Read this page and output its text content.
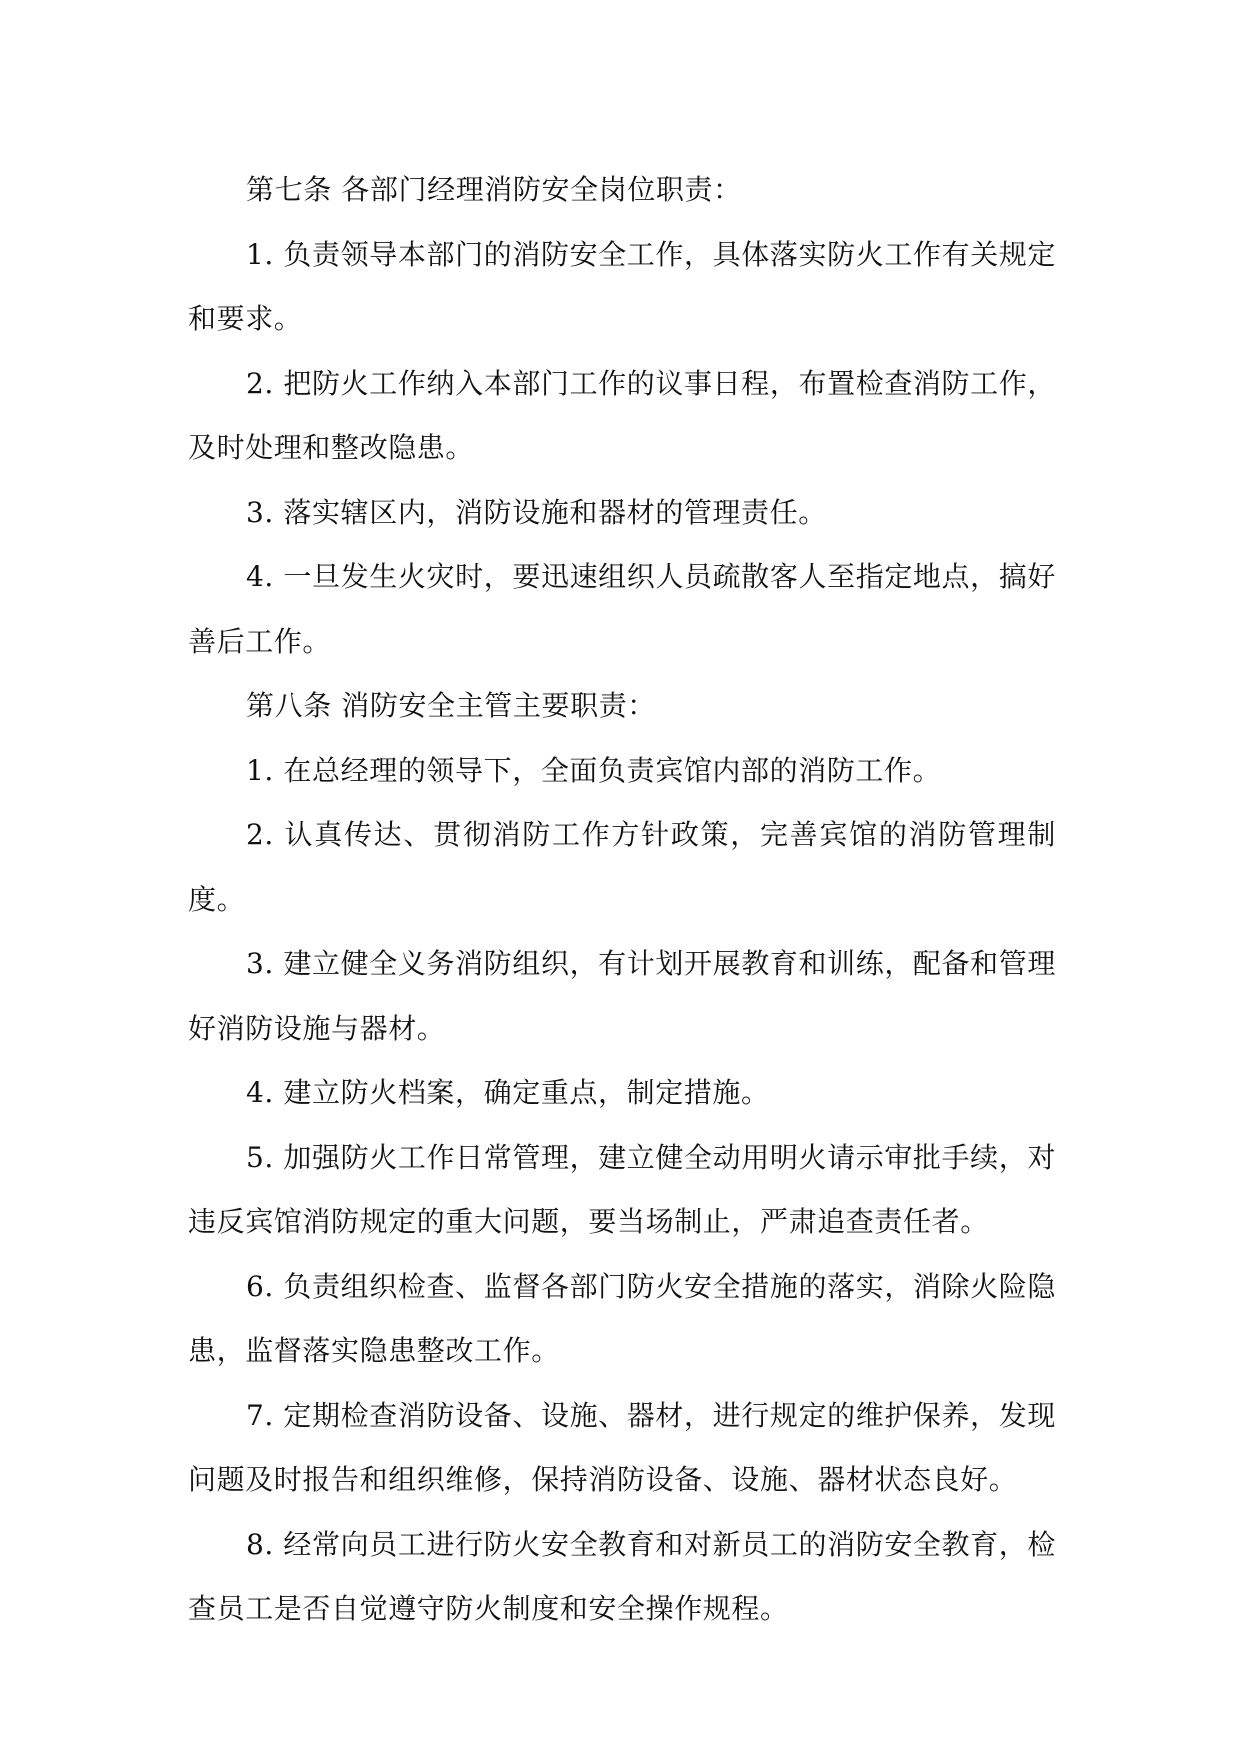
第七条 各部门经理消防安全岗位职责：

1. 负责领导本部门的消防安全工作，具体落实防火工作有关规定和要求。

2. 把防火工作纳入本部门工作的议事日程，布置检查消防工作，及时处理和整改隐患。

3. 落实辖区内，消防设施和器材的管理责任。

4. 一旦发生火灾时，要迅速组织人员疏散客人至指定地点，搞好善后工作。

第八条 消防安全主管主要职责：

1. 在总经理的领导下，全面负责宾馆内部的消防工作。

2. 认真传达、贯彻消防工作方针政策，完善宾馆的消防管理制度。

3. 建立健全义务消防组织，有计划开展教育和训练，配备和管理好消防设施与器材。

4. 建立防火档案，确定重点，制定措施。

5. 加强防火工作日常管理，建立健全动用明火请示审批手续，对违反宾馆消防规定的重大问题，要当场制止，严肃追查责任者。

6. 负责组织检查、监督各部门防火安全措施的落实，消除火险隐患，监督落实隐患整改工作。

7. 定期检查消防设备、设施、器材，进行规定的维护保养，发现问题及时报告和组织维修，保持消防设备、设施、器材状态良好。

8. 经常向员工进行防火安全教育和对新员工的消防安全教育，检查员工是否自觉遵守防火制度和安全操作规程。
